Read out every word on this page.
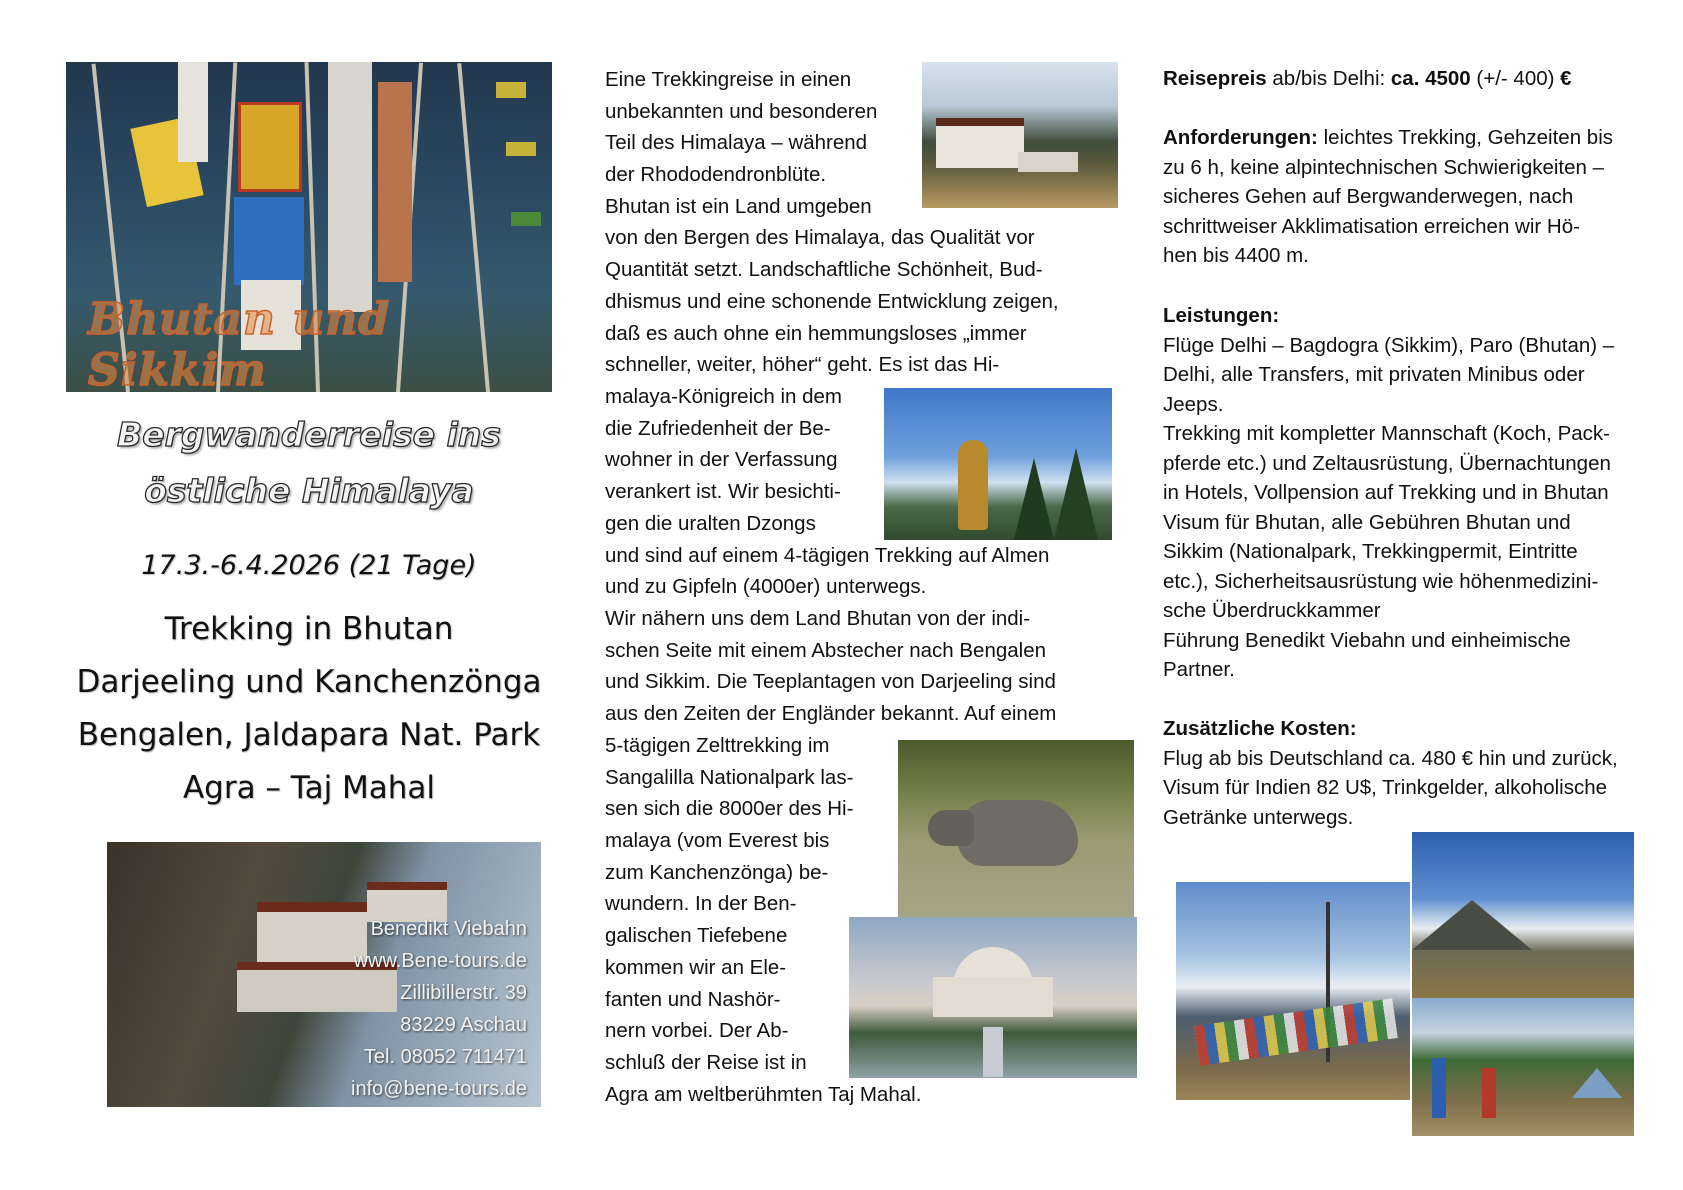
Bhutan und Sikkim
Bergwanderreise ins
östliche Himalaya
17.3.-6.4.2026 (21 Tage)
Trekking in Bhutan
Darjeeling und Kanchenzönga
Bengalen, Jaldapara Nat. Park
Agra – Taj Mahal
Benedikt Viebahn
www.Bene-tours.de
Zillibillerstr. 39
83229 Aschau
Tel. 08052 711471
info@bene-tours.de
Eine Trekkingreise in einen
unbekannten und besonderen
Teil des Himalaya – während
der Rhododendronblüte.
Bhutan ist ein Land umgeben
von den Bergen des Himalaya, das Qualität vor
Quantität setzt. Landschaftliche Schönheit, Bud-
dhismus und eine schonende Entwicklung zeigen,
daß es auch ohne ein hemmungsloses „immer
schneller, weiter, höher“ geht. Es ist das Hi-
malaya-Königreich in dem
die Zufriedenheit der Be-
wohner in der Verfassung
verankert ist. Wir besichti-
gen die uralten Dzongs
und sind auf einem 4-tägigen Trekking auf Almen
und zu Gipfeln (4000er) unterwegs.
Wir nähern uns dem Land Bhutan von der indi-
schen Seite mit einem Abstecher nach Bengalen
und Sikkim. Die Teeplantagen von Darjeeling sind
aus den Zeiten der Engländer bekannt. Auf einem
5-tägigen Zelttrekking im
Sangalilla Nationalpark las-
sen sich die 8000er des Hi-
malaya (vom Everest bis
zum Kanchenzönga) be-
wundern. In der Ben-
galischen Tiefebene
kommen wir an Ele-
fanten und Nashör-
nern vorbei. Der Ab-
schluß der Reise ist in
Agra am weltberühmten Taj Mahal.
Reisepreis ab/bis Delhi: ca. 4500 (+/- 400) €
Anforderungen: leichtes Trekking, Gehzeiten bis
zu 6 h, keine alpintechnischen Schwierigkeiten –
sicheres Gehen auf Bergwanderwegen, nach
schrittweiser Akklimatisation erreichen wir Hö-
hen bis 4400 m.
Leistungen:
Flüge Delhi – Bagdogra (Sikkim), Paro (Bhutan) –
Delhi, alle Transfers, mit privaten Minibus oder
Jeeps.
Trekking mit kompletter Mannschaft (Koch, Pack-
pferde etc.) und Zeltausrüstung, Übernachtungen
in Hotels, Vollpension auf Trekking und in Bhutan
Visum für Bhutan, alle Gebühren Bhutan und
Sikkim (Nationalpark, Trekkingpermit, Eintritte
etc.), Sicherheitsausrüstung wie höhenmedizini-
sche Überdruckkammer
Führung Benedikt Viebahn und einheimische
Partner.
Zusätzliche Kosten:
Flug ab bis Deutschland ca. 480 € hin und zurück,
Visum für Indien 82 U$, Trinkgelder, alkoholische
Getränke unterwegs.
